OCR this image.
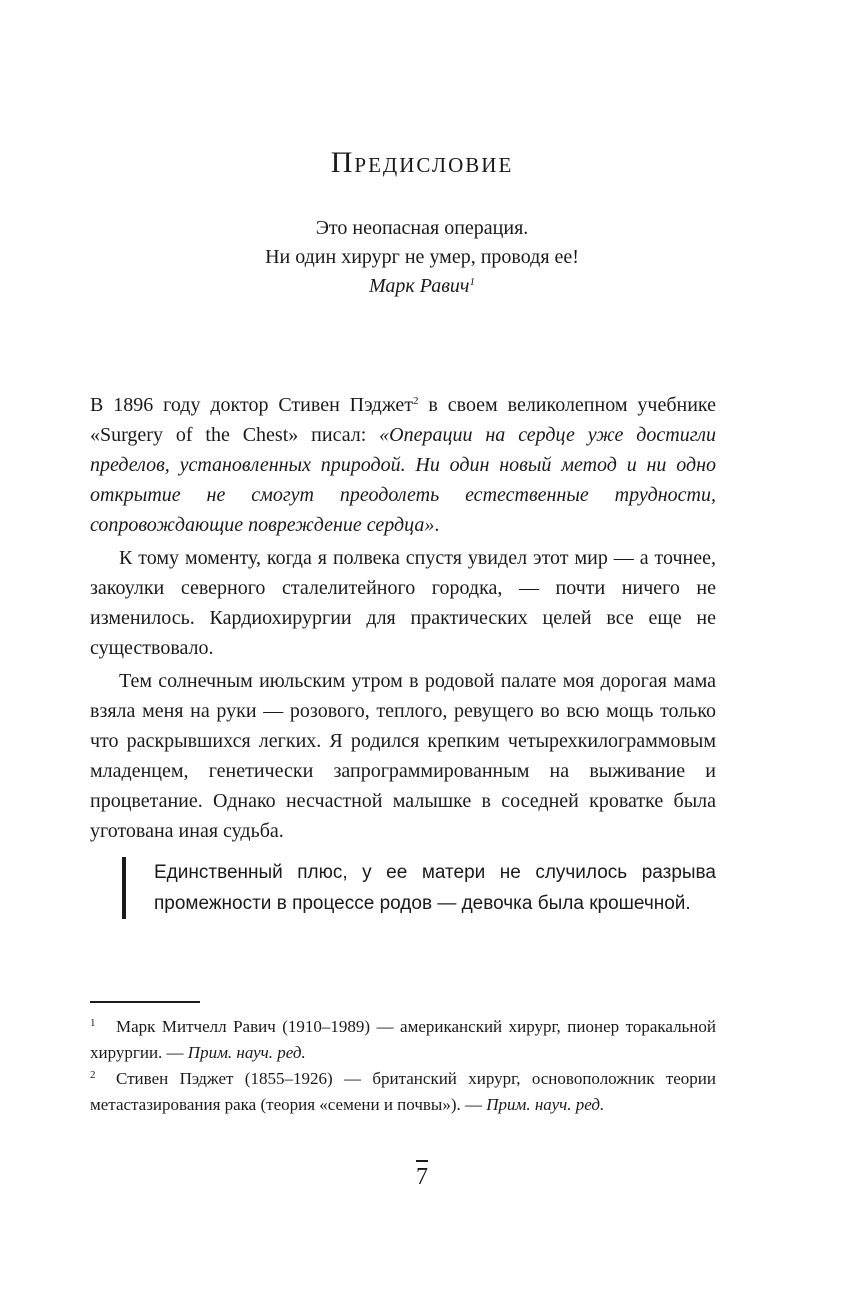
Предисловие
Это неопасная операция.
Ни один хирург не умер, проводя ее!
Марк Равич$^1$

В 1896 году доктор Стивен Пэджет$^2$ в своем великолепном учебнике «Surgery of the Chest» писал: «Операции на сердце уже достигли пределов, установленных природой. Ни один новый метод и ни одно открытие не смогут преодолеть естественные трудности, сопровождающие повреждение сердца».

К тому моменту, когда я полвека спустя увидел этот мир — а точнее, закоулки северного сталелитейного городка, — почти ничего не изменилось. Кардиохирургии для практических целей все еще не существовало.

Тем солнечным июльским утром в родовой палате моя дорогая мама взяла меня на руки — розового, теплого, ревущего во всю мощь только что раскрывшихся легких. Я родился крепким четырехкилограммовым младенцем, генетически запрограммированным на выживание и процветание. Однако несчастной малышке в соседней кроватке была уготована иная судьба.

Единственный плюс, у ее матери не случилось разрыва промежности в процессе родов — девочка была крошечной.

1 Марк Митчелл Равич (1910–1989) — американский хирург, пионер торакальной хирургии. — Прим. науч. ред.

2 Стивен Пэджет (1855–1926) — британский хирург, основоположник теории метастазирования рака (теория «семени и почвы»). — Прим. науч. ред.

7
